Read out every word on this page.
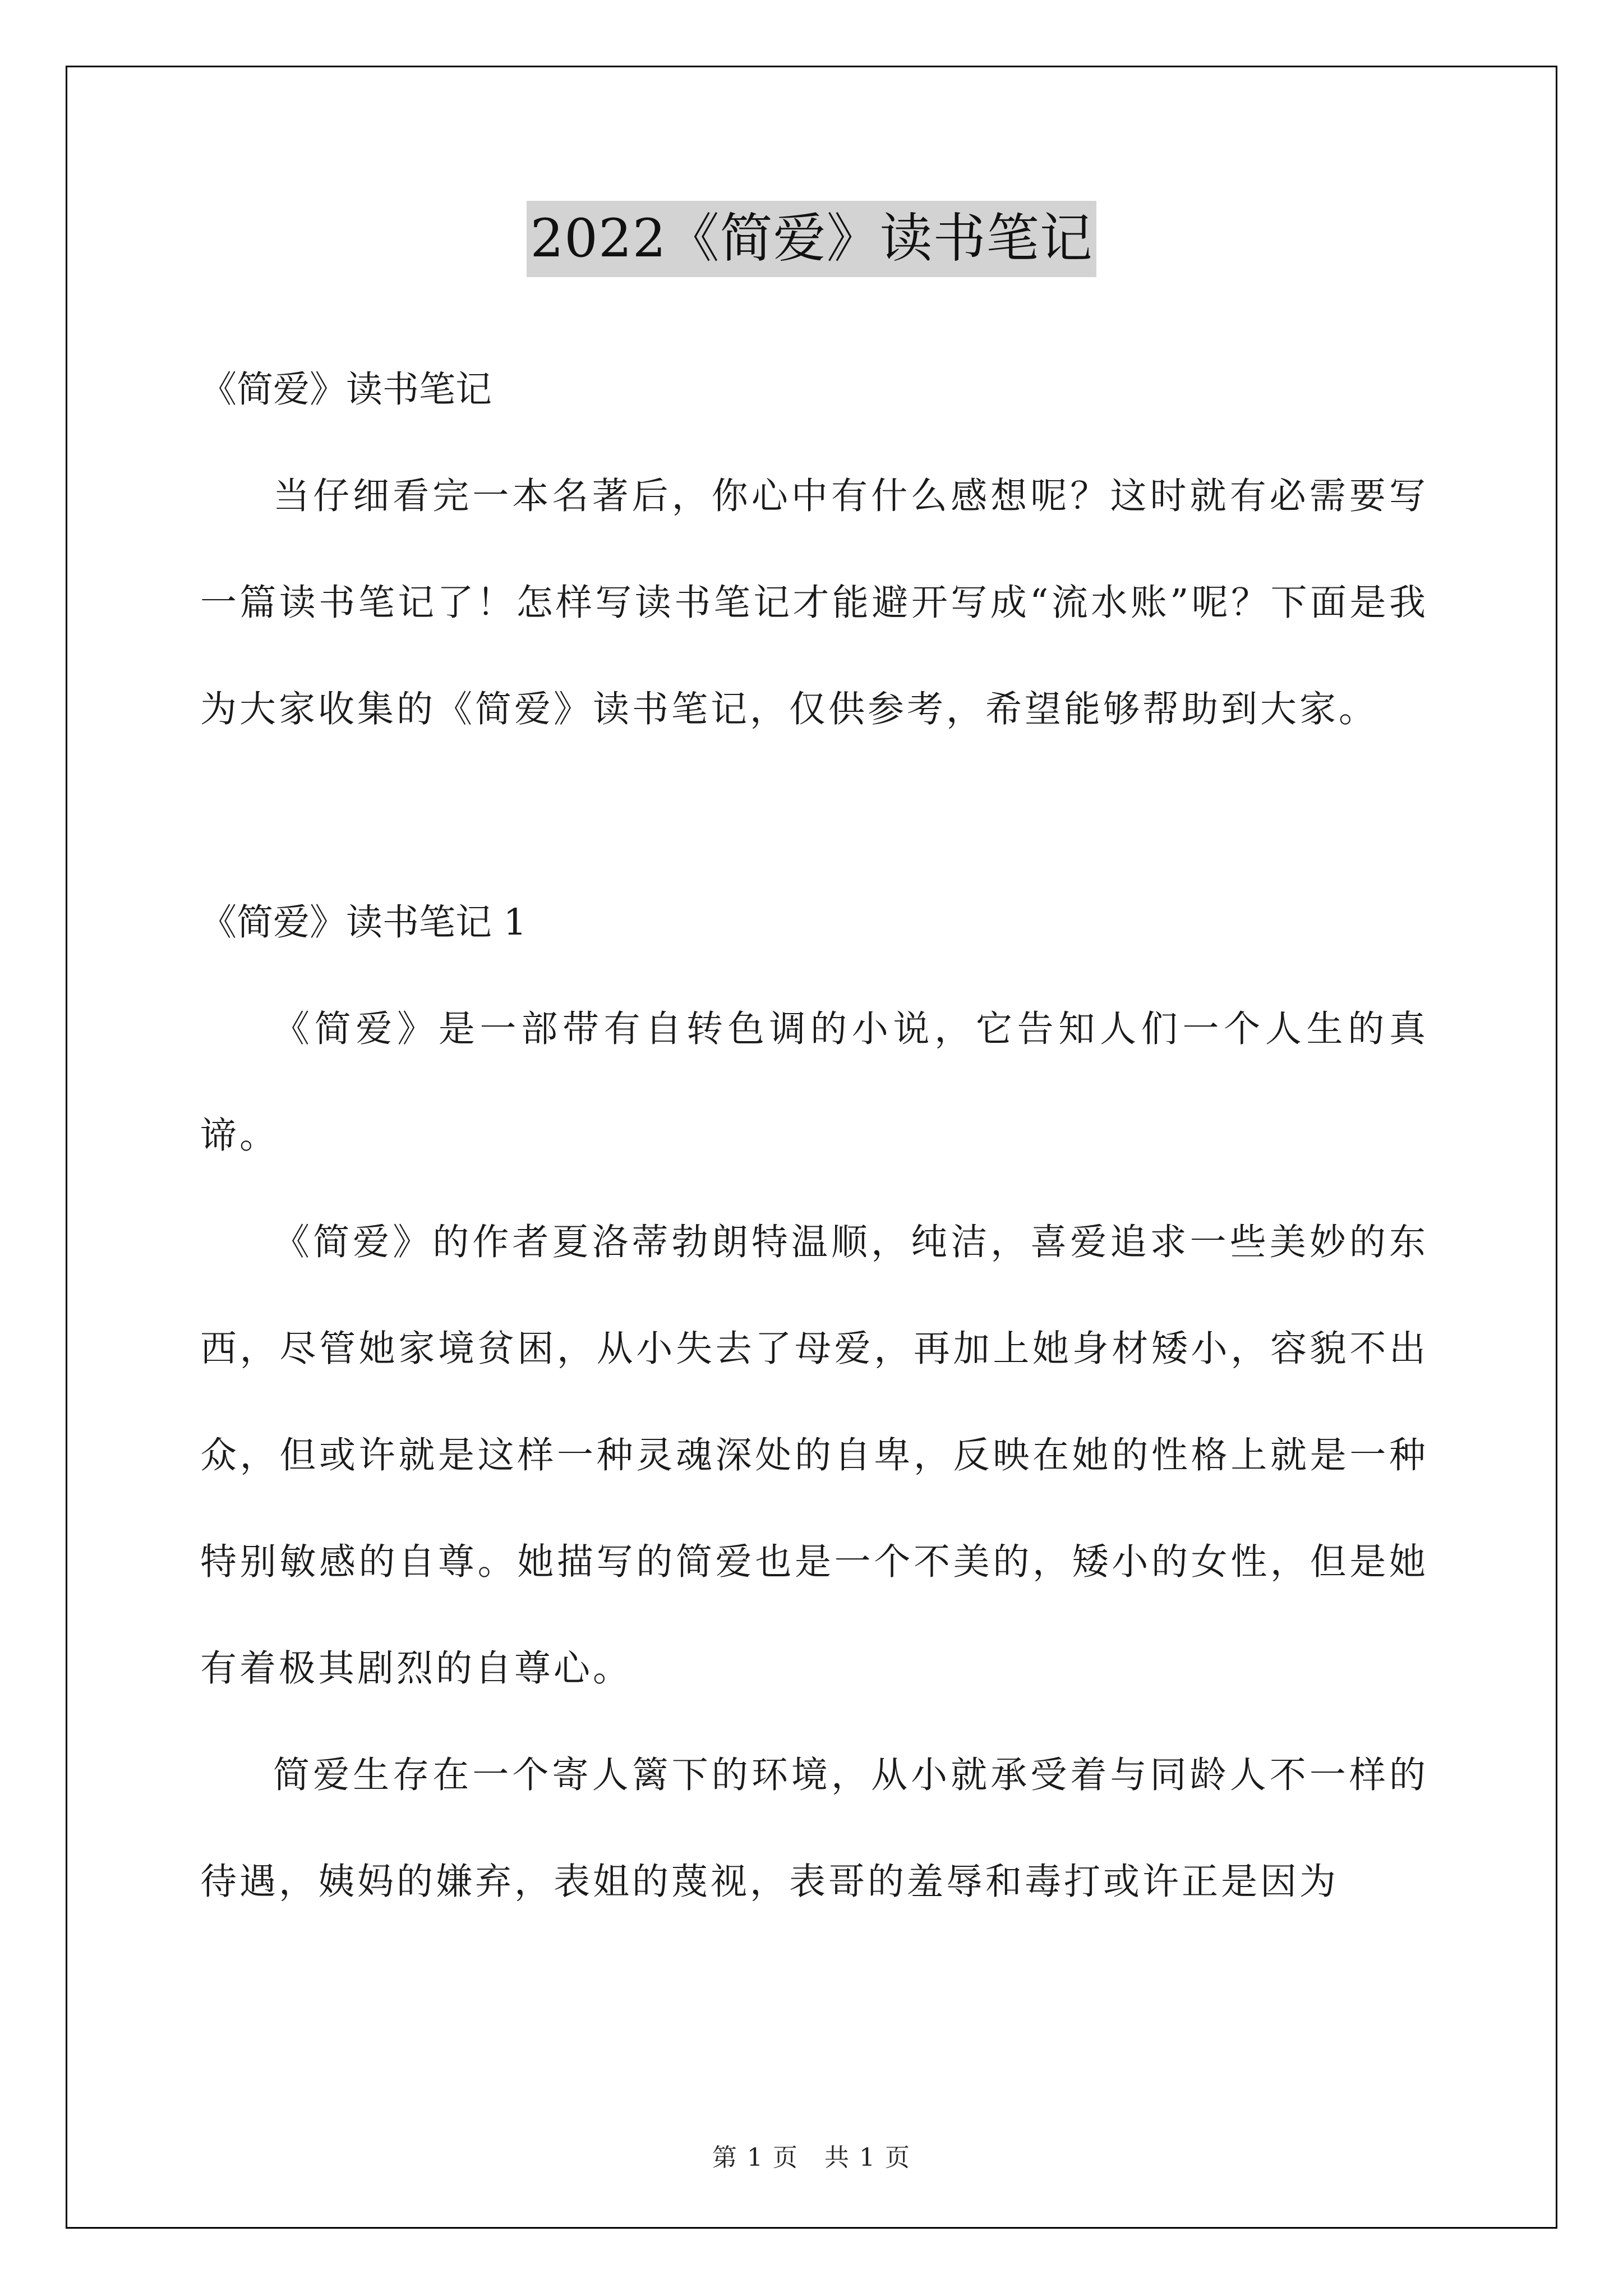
2022《简爱》读书笔记

《简爱》读书笔记

当仔细看完一本名著后，你心中有什么感想呢？这时就有必需要写一篇读书笔记了！怎样写读书笔记才能避开写成“流水账”呢？下面是我为大家收集的《简爱》读书笔记，仅供参考，希望能够帮助到大家。

《简爱》读书笔记 1

《简爱》是一部带有自转色调的小说，它告知人们一个人生的真谛。

《简爱》的作者夏洛蒂勃朗特温顺，纯洁，喜爱追求一些美妙的东西，尽管她家境贫困，从小失去了母爱，再加上她身材矮小，容貌不出众，但或许就是这样一种灵魂深处的自卑，反映在她的性格上就是一种特别敏感的自尊。她描写的简爱也是一个不美的，矮小的女性，但是她有着极其剧烈的自尊心。

简爱生存在一个寄人篱下的环境，从小就承受着与同龄人不一样的待遇，姨妈的嫌弃，表姐的蔑视，表哥的羞辱和毒打或许正是因为

第 1 页　共 1 页
